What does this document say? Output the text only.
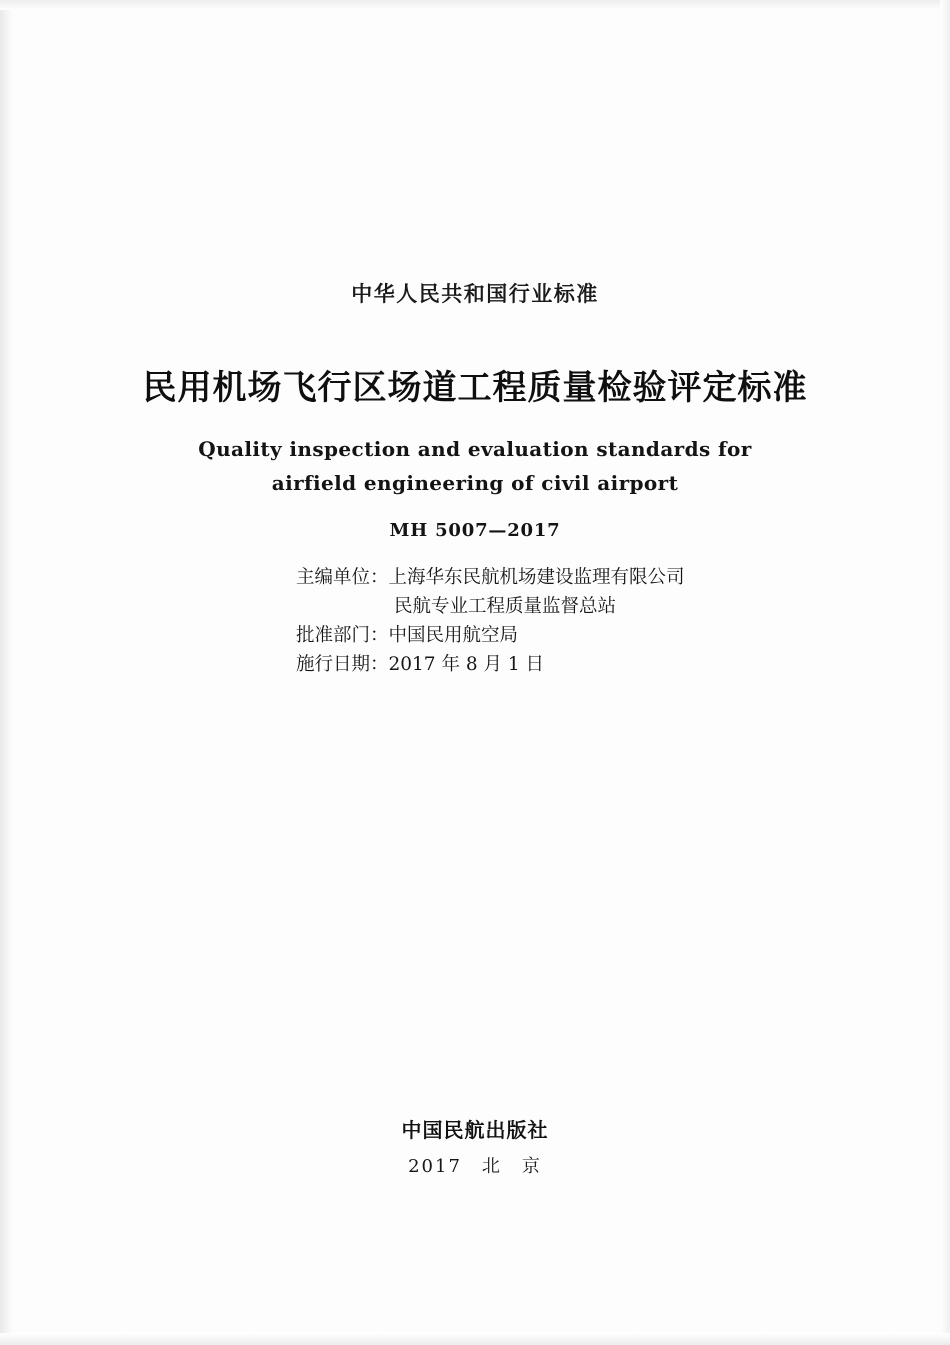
中华人民共和国行业标准
民用机场飞行区场道工程质量检验评定标准
Quality inspection and evaluation standards for
airfield engineering of civil airport
MH 5007—2017
主编单位：上海华东民航机场建设监理有限公司
民航专业工程质量监督总站
批准部门：中国民用航空局
施行日期：2017 年 8 月 1 日
中国民航出版社
2017　北　京
